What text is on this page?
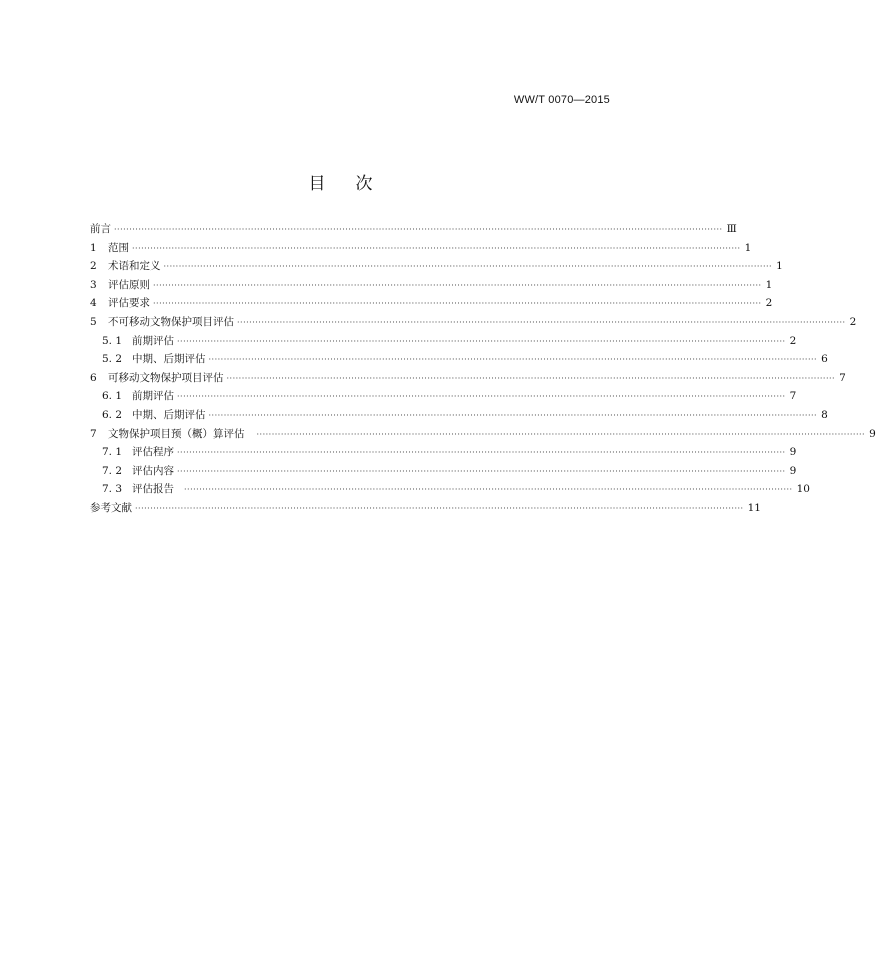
WW/T 0070—2015
目 次
前言 ········································································································································································································ Ⅲ
1	范围 ········································································································································································································ 1
2	术语和定义 ········································································································································································································ 1
3	评估原则 ········································································································································································································ 1
4	评估要求 ········································································································································································································ 2
5	不可移动文物保护项目评估 ········································································································································································································ 2
5. 1 前期评估 ········································································································································································································ 2
5. 2 中期、后期评估 ········································································································································································································ 6
6	可移动文物保护项目评估 ········································································································································································································ 7
6. 1 前期评估 ········································································································································································································ 7
6. 2 中期、后期评估 ········································································································································································································ 8
7	文物保护项目预（概）算评估 ········································································································································································································ 9
7. 1 评估程序 ········································································································································································································ 9
7. 2 评估内容 ········································································································································································································ 9
7. 3 评估报告 ········································································································································································································ 10
参考文献 ········································································································································································································ 11
